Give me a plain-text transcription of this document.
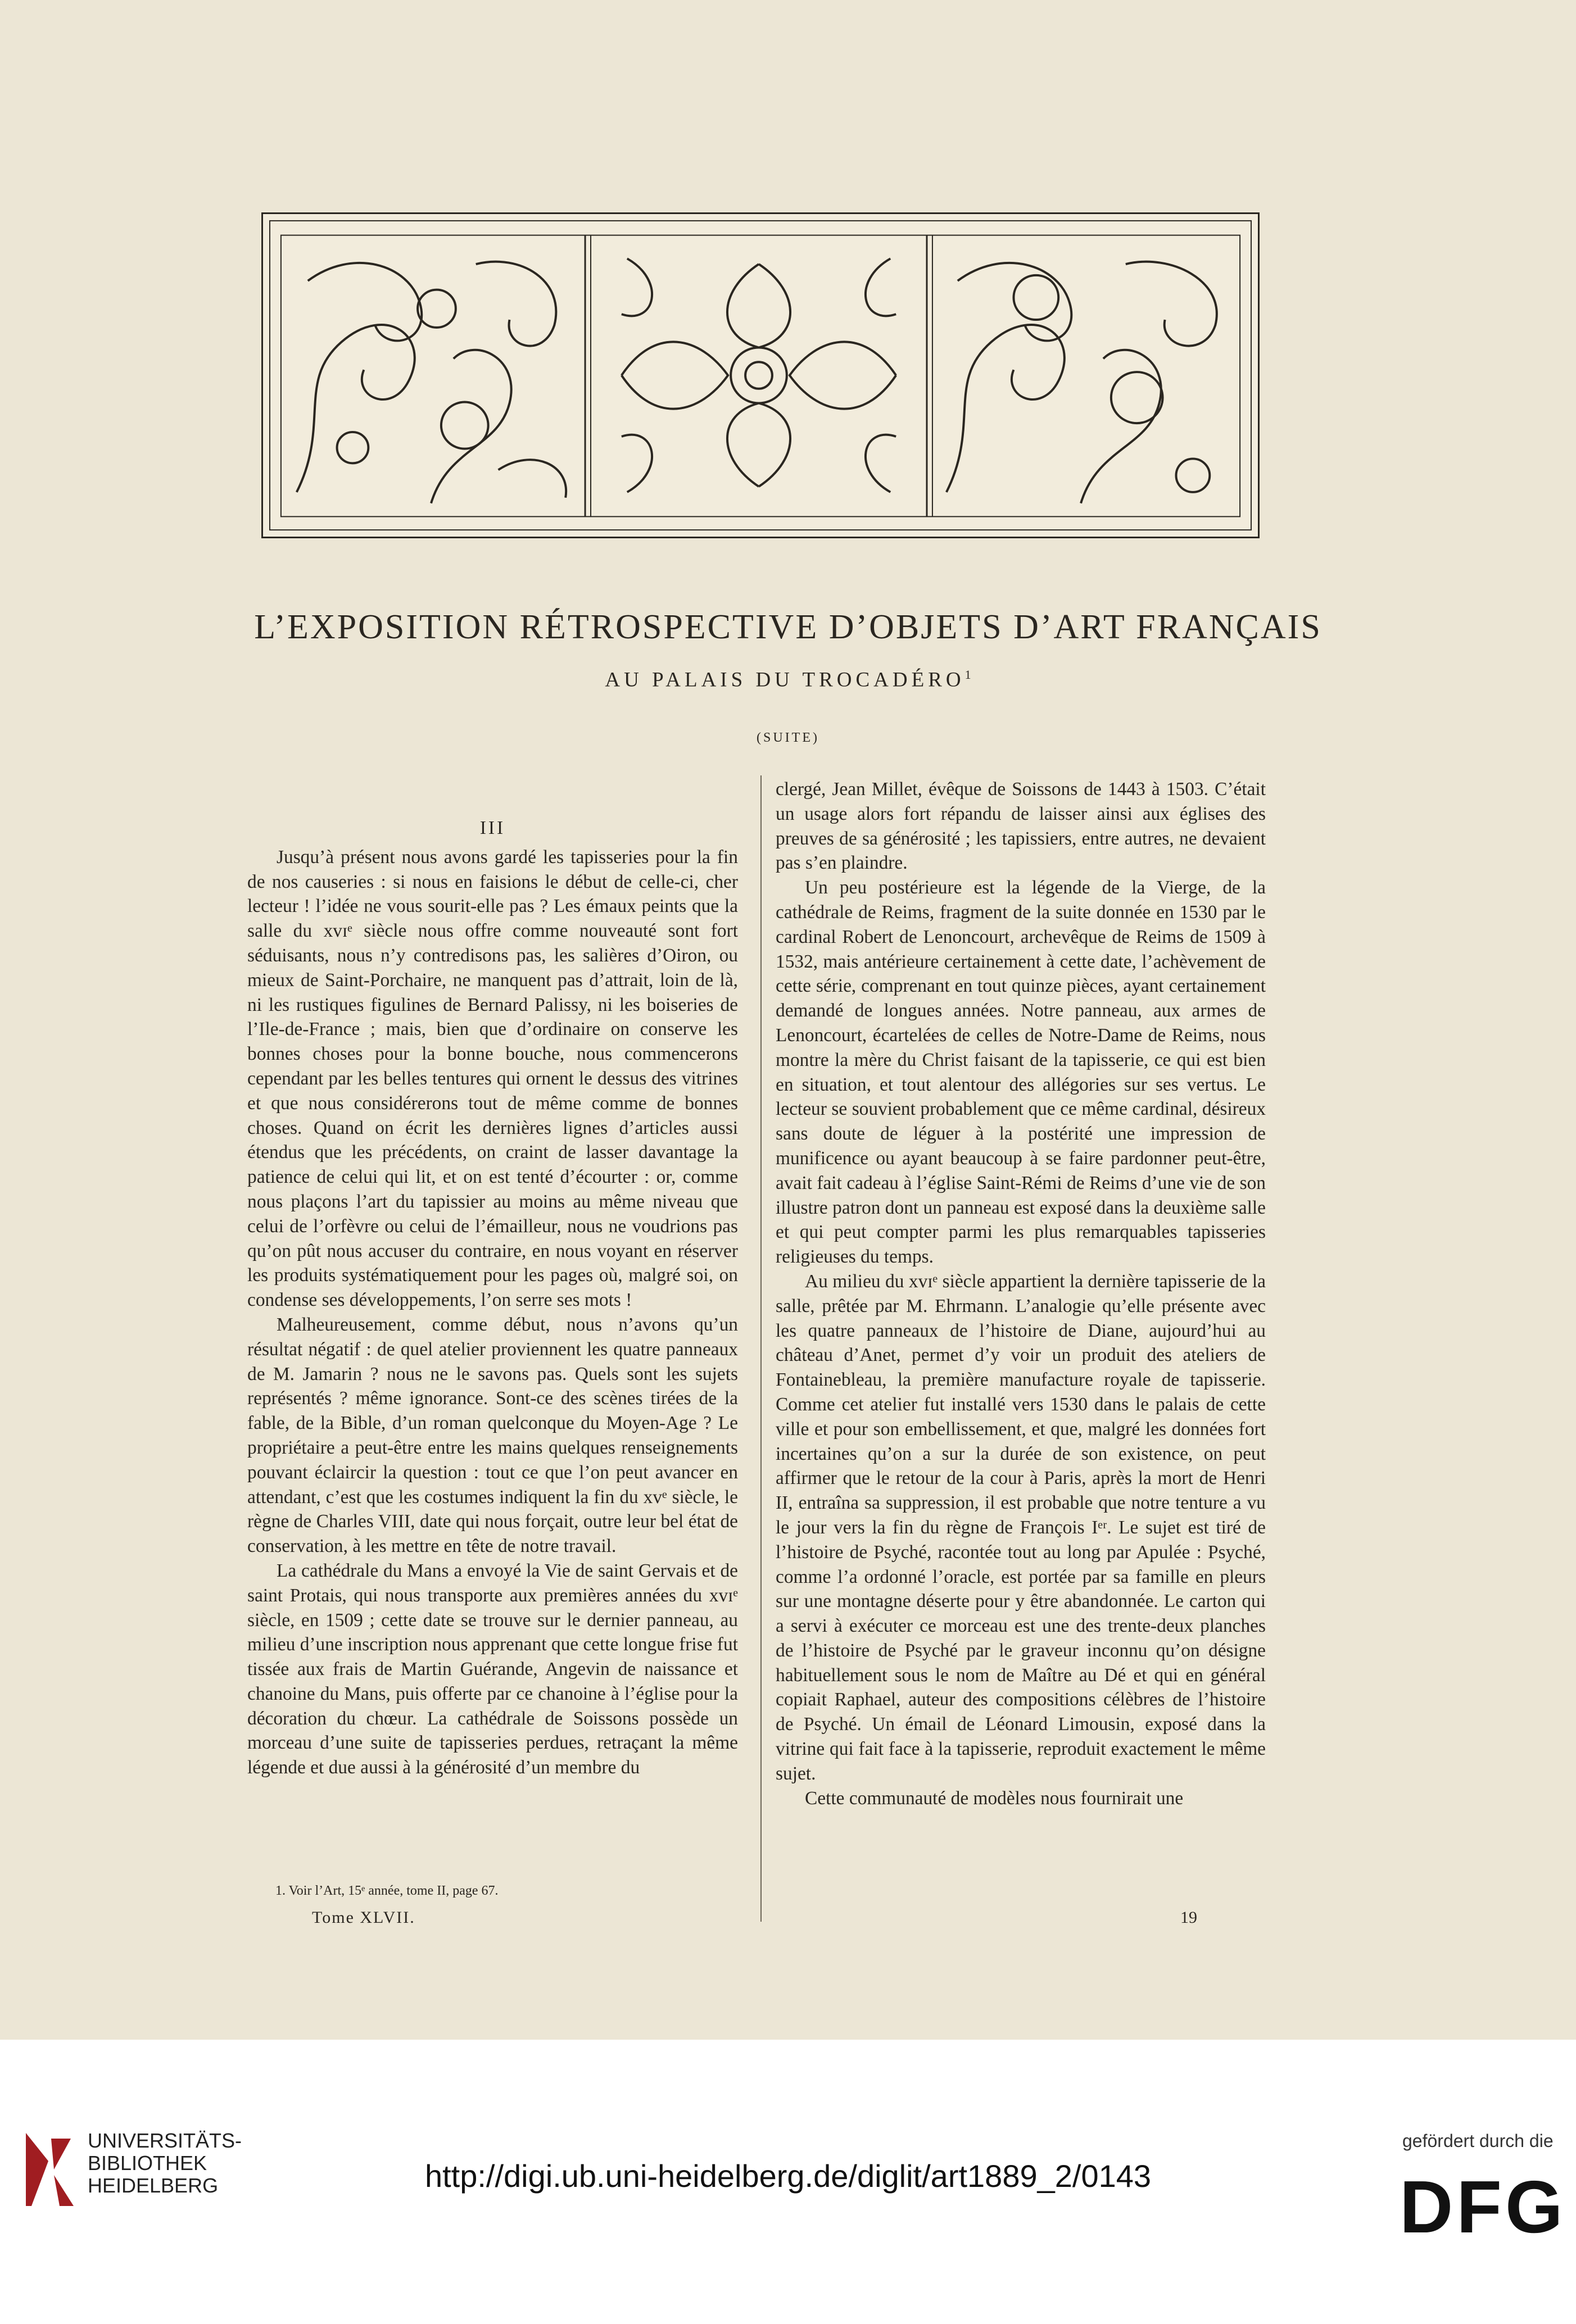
L’EXPOSITION RÉTROSPECTIVE D’OBJETS D’ART FRANÇAIS
AU PALAIS DU TROCADÉRO$^1$
(SUITE)

III

Jusqu’à présent nous avons gardé les tapisseries pour la fin de nos causeries : si nous en faisions le début de celle-ci, cher lecteur ! l’idée ne vous sourit-elle pas ? Les émaux peints que la salle du xvɪᵉ siècle nous offre comme nouveauté sont fort séduisants, nous n’y contredisons pas, les salières d’Oiron, ou mieux de Saint-Porchaire, ne manquent pas d’attrait, loin de là, ni les rustiques figulines de Bernard Palissy, ni les boiseries de l’Ile-de-France ; mais, bien que d’ordinaire on conserve les bonnes choses pour la bonne bouche, nous commencerons cependant par les belles tentures qui ornent le dessus des vitrines et que nous considérerons tout de même comme de bonnes choses. Quand on écrit les dernières lignes d’articles aussi étendus que les précédents, on craint de lasser davantage la patience de celui qui lit, et on est tenté d’écourter : or, comme nous plaçons l’art du tapissier au moins au même niveau que celui de l’orfèvre ou celui de l’émailleur, nous ne voudrions pas qu’on pût nous accuser du contraire, en nous voyant en réserver les produits systématiquement pour les pages où, malgré soi, on condense ses développements, l’on serre ses mots !

Malheureusement, comme début, nous n’avons qu’un résultat négatif : de quel atelier proviennent les quatre panneaux de M. Jamarin ? nous ne le savons pas. Quels sont les sujets représentés ? même ignorance. Sont-ce des scènes tirées de la fable, de la Bible, d’un roman quelconque du Moyen-Age ? Le propriétaire a peut-être entre les mains quelques renseignements pouvant éclaircir la question : tout ce que l’on peut avancer en attendant, c’est que les costumes indiquent la fin du xvᵉ siècle, le règne de Charles VIII, date qui nous forçait, outre leur bel état de conservation, à les mettre en tête de notre travail.

La cathédrale du Mans a envoyé la Vie de saint Gervais et de saint Protais, qui nous transporte aux premières années du xvɪᵉ siècle, en 1509 ; cette date se trouve sur le dernier panneau, au milieu d’une inscription nous apprenant que cette longue frise fut tissée aux frais de Martin Guérande, Angevin de naissance et chanoine du Mans, puis offerte par ce chanoine à l’église pour la décoration du chœur. La cathédrale de Soissons possède un morceau d’une suite de tapisseries perdues, retraçant la même légende et due aussi à la générosité d’un membre du

clergé, Jean Millet, évêque de Soissons de 1443 à 1503. C’était un usage alors fort répandu de laisser ainsi aux églises des preuves de sa générosité ; les tapissiers, entre autres, ne devaient pas s’en plaindre.

Un peu postérieure est la légende de la Vierge, de la cathédrale de Reims, fragment de la suite donnée en 1530 par le cardinal Robert de Lenoncourt, archevêque de Reims de 1509 à 1532, mais antérieure certainement à cette date, l’achèvement de cette série, comprenant en tout quinze pièces, ayant certainement demandé de longues années. Notre panneau, aux armes de Lenoncourt, écartelées de celles de Notre-Dame de Reims, nous montre la mère du Christ faisant de la tapisserie, ce qui est bien en situation, et tout alentour des allégories sur ses vertus. Le lecteur se souvient probablement que ce même cardinal, désireux sans doute de léguer à la postérité une impression de munificence ou ayant beaucoup à se faire pardonner peut-être, avait fait cadeau à l’église Saint-Rémi de Reims d’une vie de son illustre patron dont un panneau est exposé dans la deuxième salle et qui peut compter parmi les plus remarquables tapisseries religieuses du temps.

Au milieu du xvɪᵉ siècle appartient la dernière tapisserie de la salle, prêtée par M. Ehrmann. L’analogie qu’elle présente avec les quatre panneaux de l’histoire de Diane, aujourd’hui au château d’Anet, permet d’y voir un produit des ateliers de Fontainebleau, la première manufacture royale de tapisserie. Comme cet atelier fut installé vers 1530 dans le palais de cette ville et pour son embellissement, et que, malgré les données fort incertaines qu’on a sur la durée de son existence, on peut affirmer que le retour de la cour à Paris, après la mort de Henri II, entraîna sa suppression, il est probable que notre tenture a vu le jour vers la fin du règne de François Iᵉʳ. Le sujet est tiré de l’histoire de Psyché, racontée tout au long par Apulée : Psyché, comme l’a ordonné l’oracle, est portée par sa famille en pleurs sur une montagne déserte pour y être abandonnée. Le carton qui a servi à exécuter ce morceau est une des trente-deux planches de l’histoire de Psyché par le graveur inconnu qu’on désigne habituellement sous le nom de Maître au Dé et qui en général copiait Raphael, auteur des compositions célèbres de l’histoire de Psyché. Un émail de Léonard Limousin, exposé dans la vitrine qui fait face à la tapisserie, reproduit exactement le même sujet.

Cette communauté de modèles nous fournirait une

1. Voir l’Art, 15ᵉ année, tome II, page 67.
Tome XLVII.	19
UNIVERSITÄTS-
BIBLIOTHEK
HEIDELBERG	http://digi.ub.uni-heidelberg.de/diglit/art1889_2/0143
gefördert durch die
DFG
